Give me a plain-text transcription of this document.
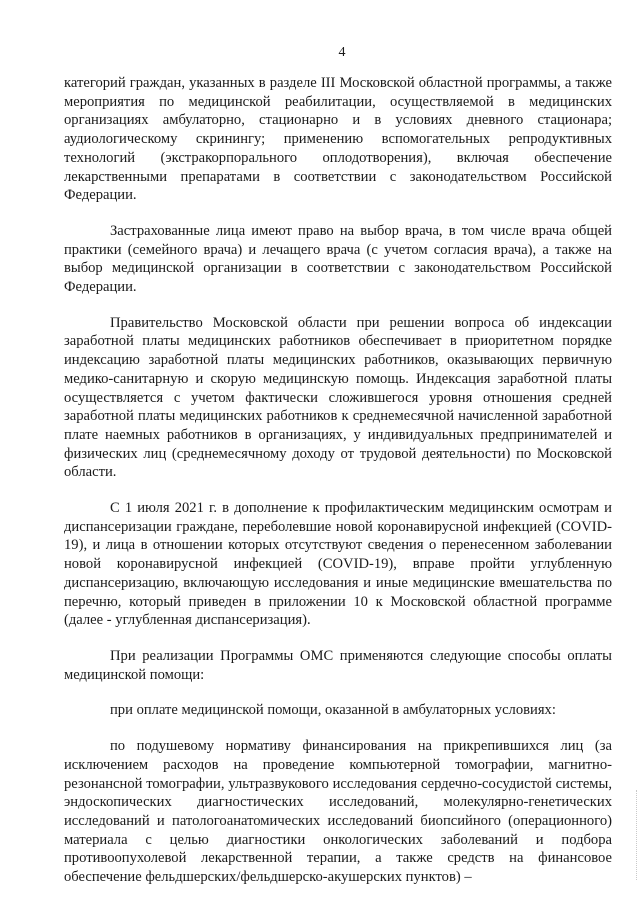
4

категорий граждан, указанных в разделе III Московской областной программы, а также мероприятия по медицинской реабилитации, осуществляемой в медицинских организациях амбулаторно, стационарно и в условиях дневного стационара; аудиологическому скринингу; применению вспомогательных репродуктивных технологий (экстракорпорального оплодотворения), включая обеспечение лекарственными препаратами в соответствии с законодательством Российской Федерации.

Застрахованные лица имеют право на выбор врача, в том числе врача общей практики (семейного врача) и лечащего врача (с учетом согласия врача), а также на выбор медицинской организации в соответствии с законодательством Российской Федерации.

Правительство Московской области при решении вопроса об индексации заработной платы медицинских работников обеспечивает в приоритетном порядке индексацию заработной платы медицинских работников, оказывающих первичную медико-санитарную и скорую медицинскую помощь. Индексация заработной платы осуществляется с учетом фактически сложившегося уровня отношения средней заработной платы медицинских работников к среднемесячной начисленной заработной плате наемных работников в организациях, у индивидуальных предпринимателей и физических лиц (среднемесячному доходу от трудовой деятельности) по Московской области.

С 1 июля 2021 г. в дополнение к профилактическим медицинским осмотрам и диспансеризации граждане, переболевшие новой коронавирусной инфекцией (COVID-19), и лица в отношении которых отсутствуют сведения о перенесенном заболевании новой коронавирусной инфекцией (COVID-19), вправе пройти углубленную диспансеризацию, включающую исследования и иные медицинские вмешательства по перечню, который приведен в приложении 10 к Московской областной программе (далее - углубленная диспансеризация).

При реализации Программы ОМС применяются следующие способы оплаты медицинской помощи:

при оплате медицинской помощи, оказанной в амбулаторных условиях:

по подушевому нормативу финансирования на прикрепившихся лиц (за исключением расходов на проведение компьютерной томографии, магнитно-резонансной томографии, ультразвукового исследования сердечно-сосудистой системы, эндоскопических диагностических исследований, молекулярно-генетических исследований и патологоанатомических исследований биопсийного (операционного) материала с целью диагностики онкологических заболеваний и подбора противоопухолевой лекарственной терапии, а также средств на финансовое обеспечение фельдшерских/фельдшерско-акушерских пунктов) –
